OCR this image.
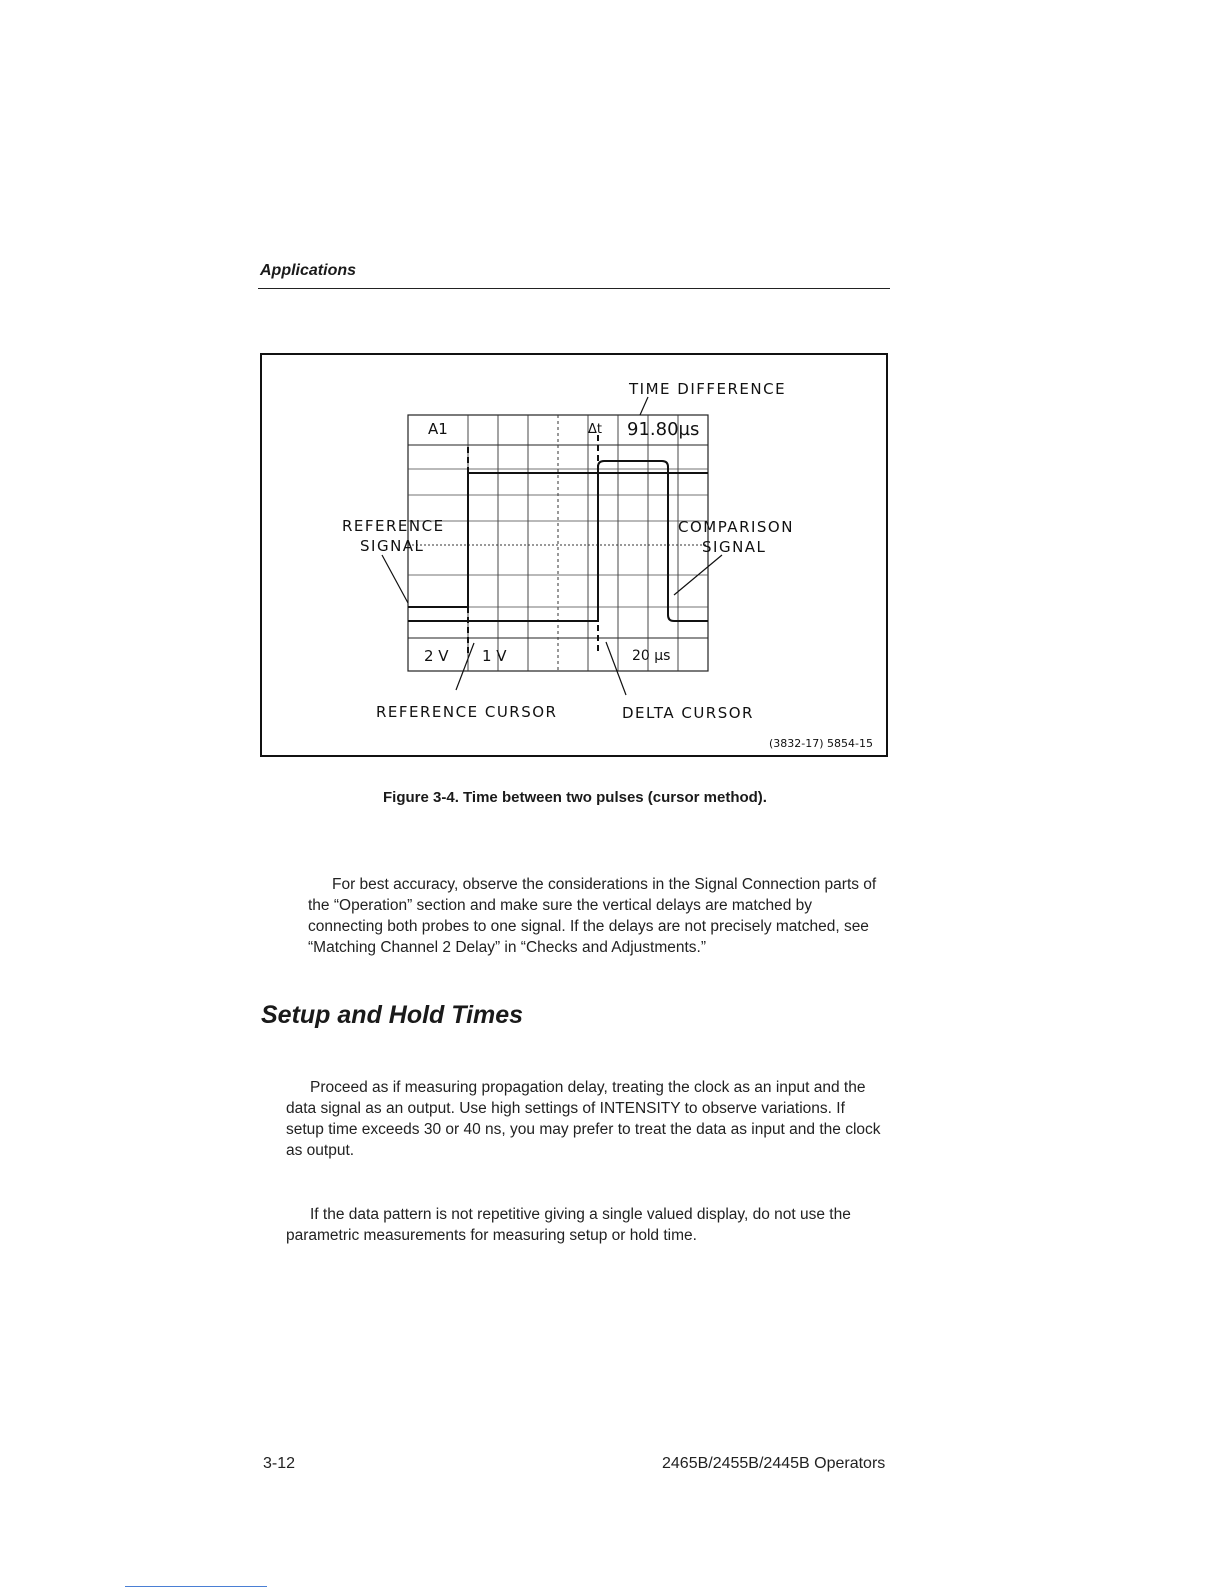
Applications
TIME DIFFERENCE
REFERENCE
SIGNAL
COMPARISON
SIGNAL
REFERENCE CURSOR	DELTA CURSOR
A1	Δt 91.80µs
2 V 1 V	20 µs
(3832-17) 5854-15
Figure 3-4. Time between two pulses (cursor method).
For best accuracy, observe the considerations in the Signal Connection parts of the “Operation” section and make sure the vertical delays are matched by connecting both probes to one signal. If the delays are not precisely matched, see “Matching Channel 2 Delay” in “Checks and Adjustments.”
Setup and Hold Times
Proceed as if measuring propagation delay, treating the clock as an input and the data signal as an output. Use high settings of INTENSITY to observe variations. If setup time exceeds 30 or 40 ns, you may prefer to treat the data as input and the clock as output.
If the data pattern is not repetitive giving a single valued display, do not use the parametric measurements for measuring setup or hold time.
3-12	2465B/2455B/2445B Operators
